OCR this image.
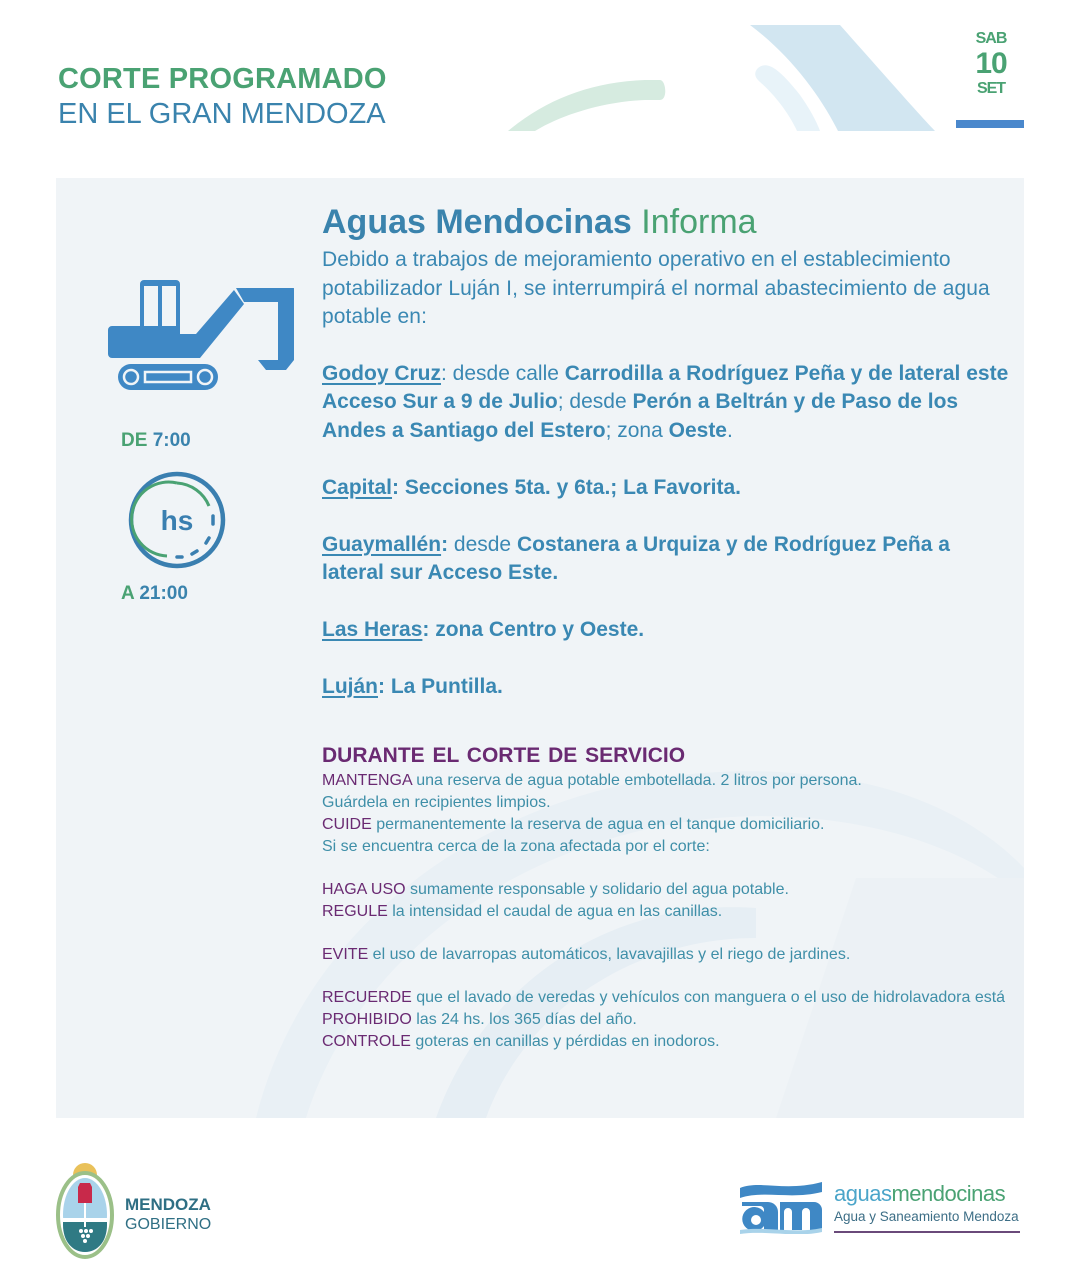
CORTE PROGRAMADO
EN EL GRAN MENDOZA
SAB
10
SET
DE 7:00
hs
A 21:00
Aguas Mendocinas Informa
Debido a trabajos de mejoramiento operativo en el establecimiento potabilizador Luján I, se interrumpirá el normal abastecimiento de agua potable en:
Godoy Cruz: desde calle Carrodilla a Rodríguez Peña y de lateral este Acceso Sur a 9 de Julio; desde Perón a Beltrán y de Paso de los Andes a Santiago del Estero; zona Oeste.
Capital: Secciones 5ta. y 6ta.; La Favorita.
Guaymallén: desde Costanera a Urquiza y de Rodríguez Peña a lateral sur Acceso Este.
Las Heras: zona Centro y Oeste.
Luján: La Puntilla.
DURANTE EL CORTE DE SERVICIO
MANTENGA una reserva de agua potable embotellada. 2 litros por persona.
Guárdela en recipientes limpios.
CUIDE permanentemente la reserva de agua en el tanque domiciliario.
Si se encuentra cerca de la zona afectada por el corte:
HAGA USO sumamente responsable y solidario del agua potable.
REGULE la intensidad el caudal de agua en las canillas.
EVITE el uso de lavarropas automáticos, lavavajillas y el riego de jardines.
RECUERDE que el lavado de veredas y vehículos con manguera o el uso de hidrolavadora está PROHIBIDO las 24 hs. los 365 días del año.
CONTROLE goteras en canillas y pérdidas en inodoros.
MENDOZA
GOBIERNO
aguasmendocinas
Agua y Saneamiento Mendoza
